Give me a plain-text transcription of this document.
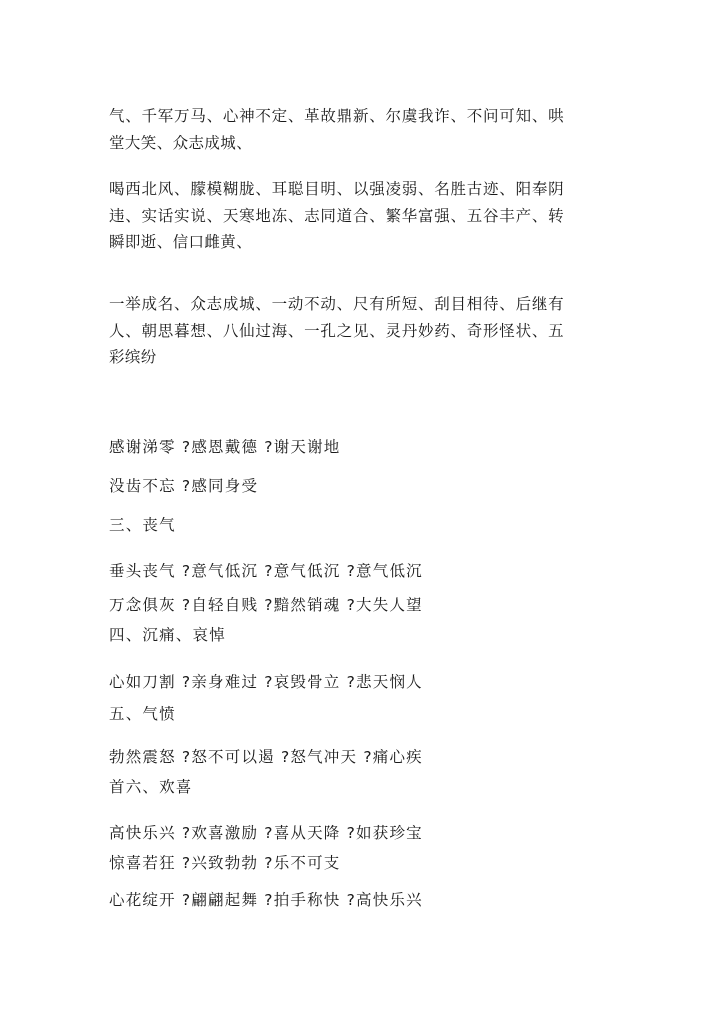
气、千军万马、心神不定、革故鼎新、尔虞我诈、不问可知、哄堂大笑、众志成城、
喝西北风、朦模糊胧、耳聪目明、以强凌弱、名胜古迹、阳奉阴违、实话实说、天寒地冻、志同道合、繁华富强、五谷丰产、转瞬即逝、信口雌黄、
一举成名、众志成城、一动不动、尺有所短、刮目相待、后继有人、朝思暮想、八仙过海、一孔之见、灵丹妙药、奇形怪状、五彩缤纷
感谢涕零 ?感恩戴德 ?谢天谢地
没齿不忘 ?感同身受
三、丧气
垂头丧气 ?意气低沉 ?意气低沉 ?意气低沉
万念俱灰 ?自轻自贱 ?黯然销魂 ?大失人望
四、沉痛、哀悼
心如刀割 ?亲身难过 ?哀毁骨立 ?悲天悯人
五、气愤
勃然震怒 ?怒不可以遏 ?怒气冲天 ?痛心疾
首六、欢喜
高快乐兴 ?欢喜激励 ?喜从天降 ?如获珍宝
惊喜若狂 ?兴致勃勃 ?乐不可支
心花绽开 ?翩翩起舞 ?拍手称快 ?高快乐兴
